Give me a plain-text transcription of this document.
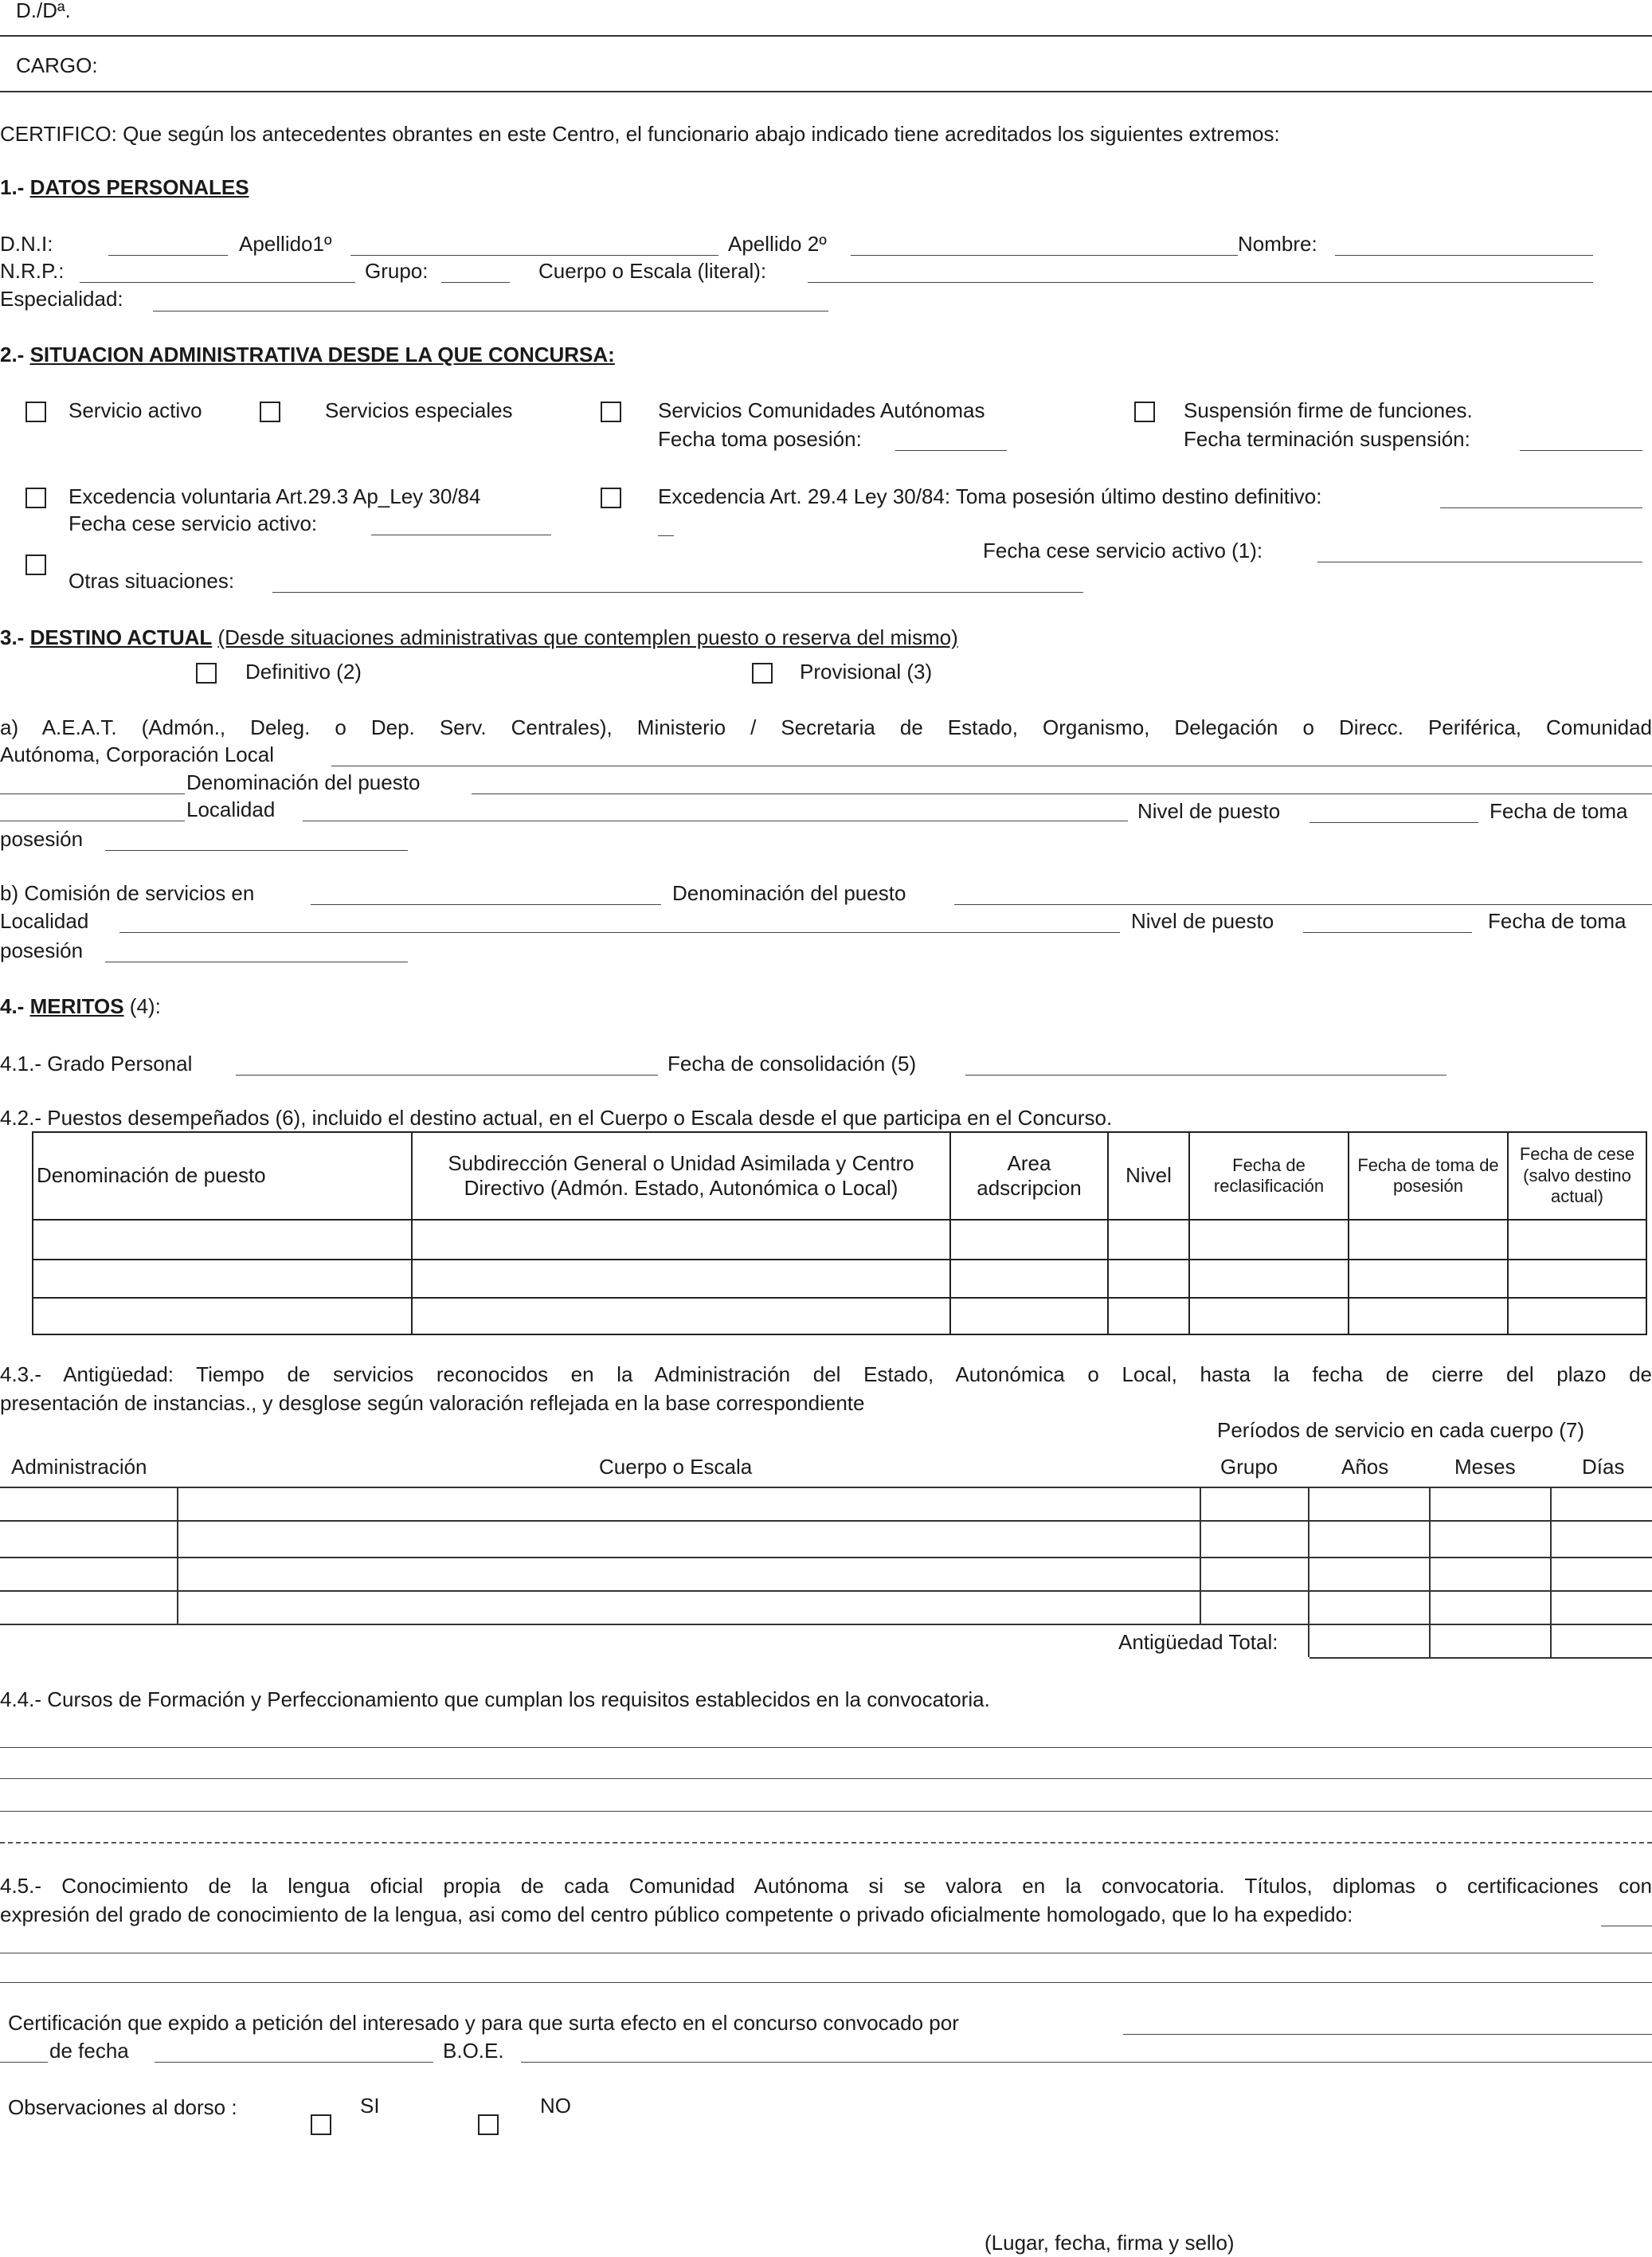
D./Dª.
CARGO:
CERTIFICO: Que según los antecedentes obrantes en este Centro, el funcionario abajo indicado tiene acreditados los siguientes extremos:
1.- DATOS PERSONALES
D.N.I:	Apellido1º	Apellido 2º	Nombre:
N.R.P.:	Grupo:	Cuerpo o Escala (literal):
Especialidad:
2.- SITUACION ADMINISTRATIVA DESDE LA QUE CONCURSA:
Servicio activo	Servicios especiales	Servicios Comunidades Autónomas
Fecha toma posesión:
Suspensión firme de funciones.
Fecha terminación suspensión:
Excedencia voluntaria Art.29.3 Ap_Ley 30/84
Fecha cese servicio activo:
Excedencia Art. 29.4 Ley 30/84: Toma posesión último destino definitivo:
Fecha cese servicio activo (1):
Otras situaciones:
3.- DESTINO ACTUAL (Desde situaciones administrativas que contemplen puesto o reserva del mismo)
Definitivo (2)	Provisional (3)
a) A.E.A.T. (Admón., Deleg. o Dep. Serv. Centrales), Ministerio / Secretaria de Estado, Organismo, Delegación o Direcc. Periférica, Comunidad
Autónoma, Corporación Local
Denominación del puesto
Localidad	Nivel de puesto	Fecha de toma
posesión
b) Comisión de servicios en	Denominación del puesto
Localidad	Nivel de puesto	Fecha de toma
posesión
4.- MERITOS (4):
4.1.- Grado Personal	Fecha de consolidación (5)
4.2.- Puestos desempeñados (6), incluido el destino actual, en el Cuerpo o Escala desde el que participa en el Concurso.
Denominación de puesto	Subdirección General o Unidad Asimilada y Centro Directivo (Admón. Estado, Autonómica o Local)	Area adscripcion	Nivel	Fecha de reclasificación	Fecha de toma de posesión	Fecha de cese (salvo destino actual)

4.3.- Antigüedad: Tiempo de servicios reconocidos en la Administración del Estado, Autonómica o Local, hasta la fecha de cierre del plazo de
presentación de instancias., y desglose según valoración reflejada en la base correspondiente
Períodos de servicio en cada cuerpo (7)
Administración	Cuerpo o Escala	Grupo	Años	Meses	Días
Antigüedad Total:
4.4.- Cursos de Formación y Perfeccionamiento que cumplan los requisitos establecidos en la convocatoria.
4.5.- Conocimiento de la lengua oficial propia de cada Comunidad Autónoma si se valora en la convocatoria. Títulos, diplomas o certificaciones con
expresión del grado de conocimiento de la lengua, asi como del centro público competente o privado oficialmente homologado, que lo ha expedido:
Certificación que expido a petición del interesado y para que surta efecto en el concurso convocado por
de fecha	B.O.E.
Observaciones al dorso :	SI	NO
(Lugar, fecha, firma y sello)
